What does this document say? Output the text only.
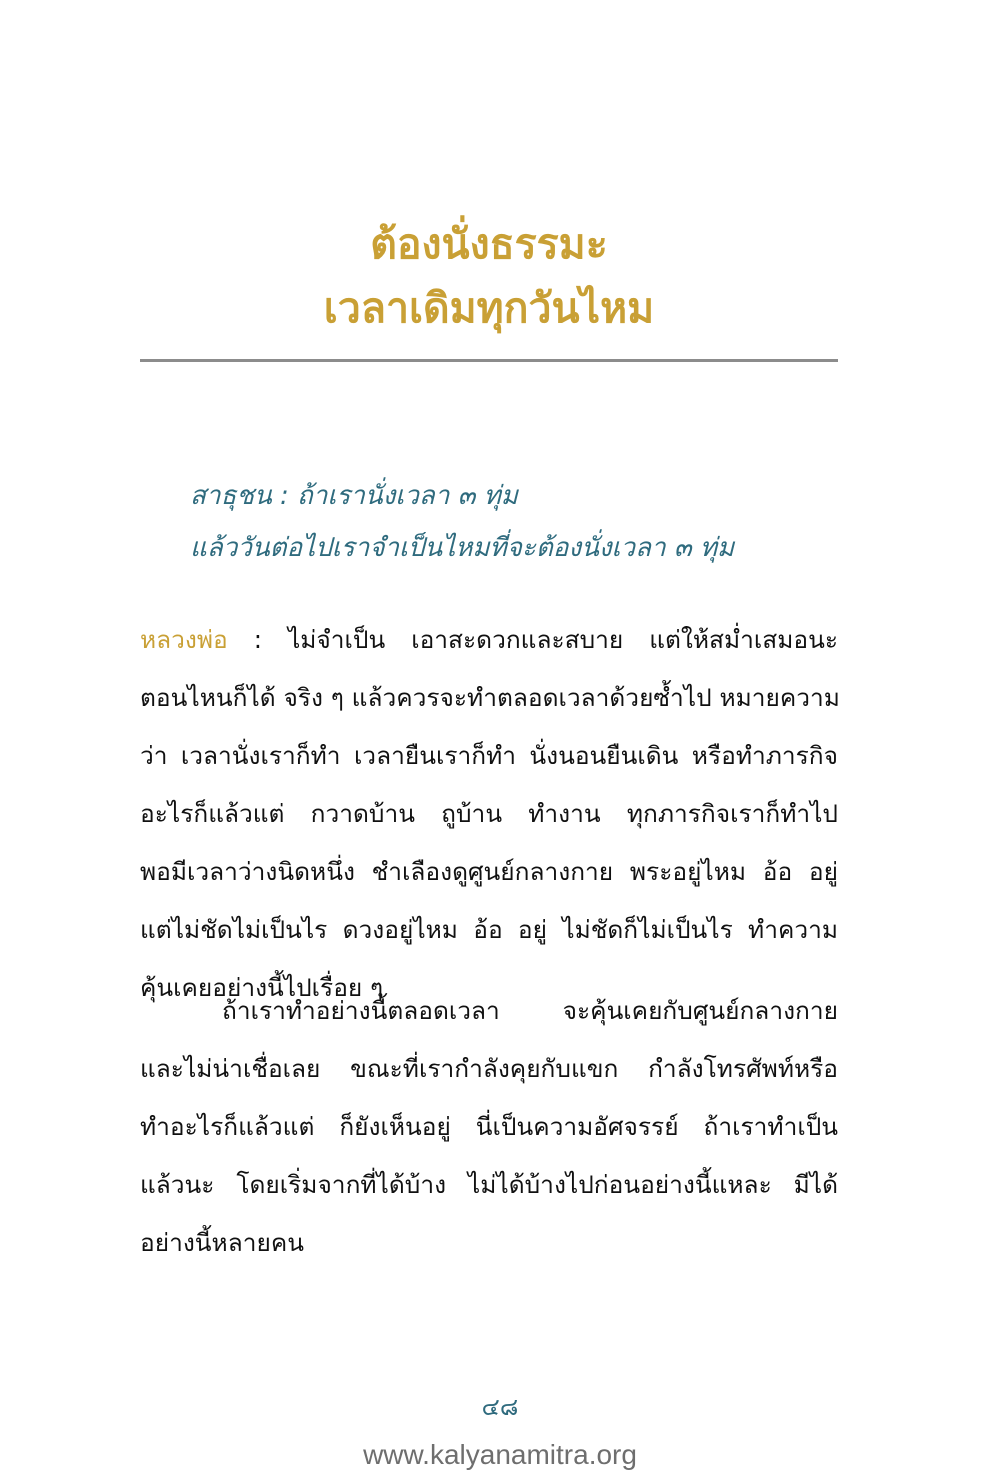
ต้องนั่งธรรมะ
เวลาเดิมทุกวันไหม
สาธุชน : ถ้าเรานั่งเวลา ๓ ทุ่ม
แล้ววันต่อไปเราจำเป็นไหมที่จะต้องนั่งเวลา ๓ ทุ่ม
หลวงพ่อ : ไม่จำเป็น เอาสะดวกและสบาย แต่ให้สม่ำเสมอนะ
ตอนไหนก็ได้ จริง ๆ แล้วควรจะทำตลอดเวลาด้วยซ้ำไป หมายความ
ว่า เวลานั่งเราก็ทำ เวลายืนเราก็ทำ นั่งนอนยืนเดิน หรือทำภารกิจ
อะไรก็แล้วแต่ กวาดบ้าน ถูบ้าน ทำงาน ทุกภารกิจเราก็ทำไป
พอมีเวลาว่างนิดหนึ่ง ชำเลืองดูศูนย์กลางกาย พระอยู่ไหม อ้อ อยู่
แต่ไม่ชัดไม่เป็นไร ดวงอยู่ไหม อ้อ อยู่ ไม่ชัดก็ไม่เป็นไร ทำความ
คุ้นเคยอย่างนี้ไปเรื่อย ๆ
ถ้าเราทำอย่างนี้ตลอดเวลา จะคุ้นเคยกับศูนย์กลางกาย
และไม่น่าเชื่อเลย ขณะที่เรากำลังคุยกับแขก กำลังโทรศัพท์หรือ
ทำอะไรก็แล้วแต่ ก็ยังเห็นอยู่ นี่เป็นความอัศจรรย์ ถ้าเราทำเป็น
แล้วนะ โดยเริ่มจากที่ได้บ้าง ไม่ได้บ้างไปก่อนอย่างนี้แหละ มีได้
อย่างนี้หลายคน
๔๘
www.kalyanamitra.org
